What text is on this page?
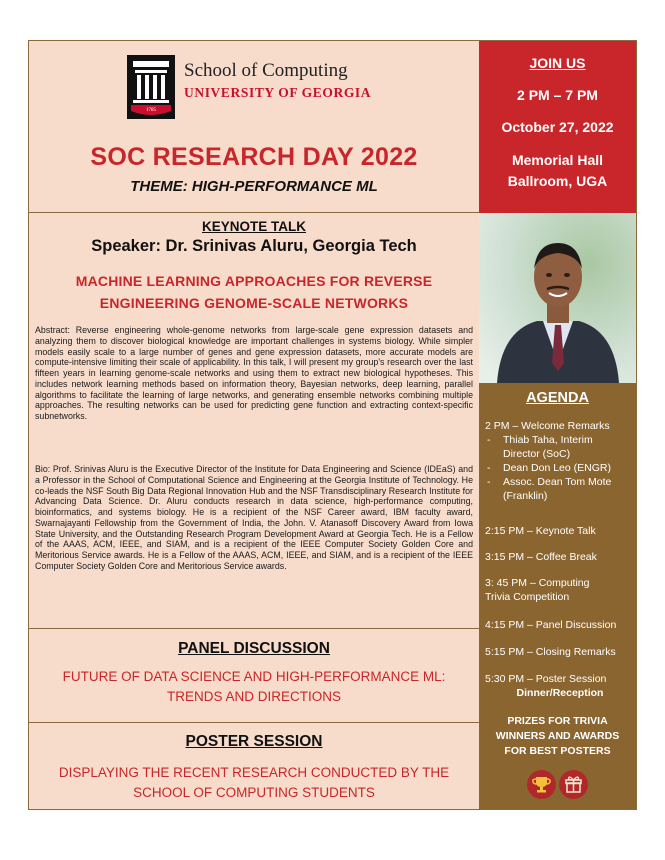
1785
School of Computing
UNIVERSITY OF GEORGIA
SOC RESEARCH DAY 2022
THEME: HIGH-PERFORMANCE ML
KEYNOTE TALK
Speaker: Dr. Srinivas Aluru, Georgia Tech
MACHINE LEARNING APPROACHES FOR REVERSE
ENGINEERING GENOME-SCALE NETWORKS

Abstract: Reverse engineering whole-genome networks from large-scale gene expression datasets and analyzing them to discover biological knowledge are important challenges in systems biology. While simpler models easily scale to a large number of genes and gene expression datasets, more accurate models are compute-intensive limiting their scale of applicability. In this talk, I will present my group's research over the last fifteen years in learning genome-scale networks and using them to extract new biological hypotheses. This includes network learning methods based on information theory, Bayesian networks, deep learning, parallel algorithms to facilitate the learning of large networks, and generating ensemble networks combining multiple approaches. The resulting networks can be used for predicting gene function and extracting context-specific subnetworks.

Bio: Prof. Srinivas Aluru is the Executive Director of the Institute for Data Engineering and Science (IDEaS) and a Professor in the School of Computational Science and Engineering at the Georgia Institute of Technology. He co-leads the NSF South Big Data Regional Innovation Hub and the NSF Transdisciplinary Research Institute for Advancing Data Science. Dr. Aluru conducts research in data science, high-performance computing, bioinformatics, and systems biology. He is a recipient of the NSF Career award, IBM faculty award, Swarnajayanti Fellowship from the Government of India, the John. V. Atanasoff Discovery Award from Iowa State University, and the Outstanding Research Program Development Award at Georgia Tech. He is a Fellow of the AAAS, ACM, IEEE, and SIAM, and is a recipient of the IEEE Computer Society Golden Core and Meritorious Service awards. He is a Fellow of the AAAS, ACM, IEEE, and SIAM, and is a recipient of the IEEE Computer Society Golden Core and Meritorious Service awards.

PANEL DISCUSSION
FUTURE OF DATA SCIENCE AND HIGH-PERFORMANCE ML:
TRENDS AND DIRECTIONS
POSTER SESSION
DISPLAYING THE RECENT RESEARCH CONDUCTED BY THE
SCHOOL OF COMPUTING STUDENTS
JOIN US
2 PM – 7 PM
October 27, 2022
Memorial Hall
Ballroom, UGA
AGENDA
2 PM – Welcome Remarks
- Thiab Taha, Interim
Director (SoC)
- Dean Don Leo (ENGR)
- Assoc. Dean Tom Mote
(Franklin)
2:15 PM – Keynote Talk
3:15 PM – Coffee Break
3: 45 PM – Computing
Trivia Competition
4:15 PM – Panel Discussion
5:15 PM – Closing Remarks
5:30 PM – Poster Session
Dinner/Reception
PRIZES FOR TRIVIA
WINNERS AND AWARDS
FOR BEST POSTERS
